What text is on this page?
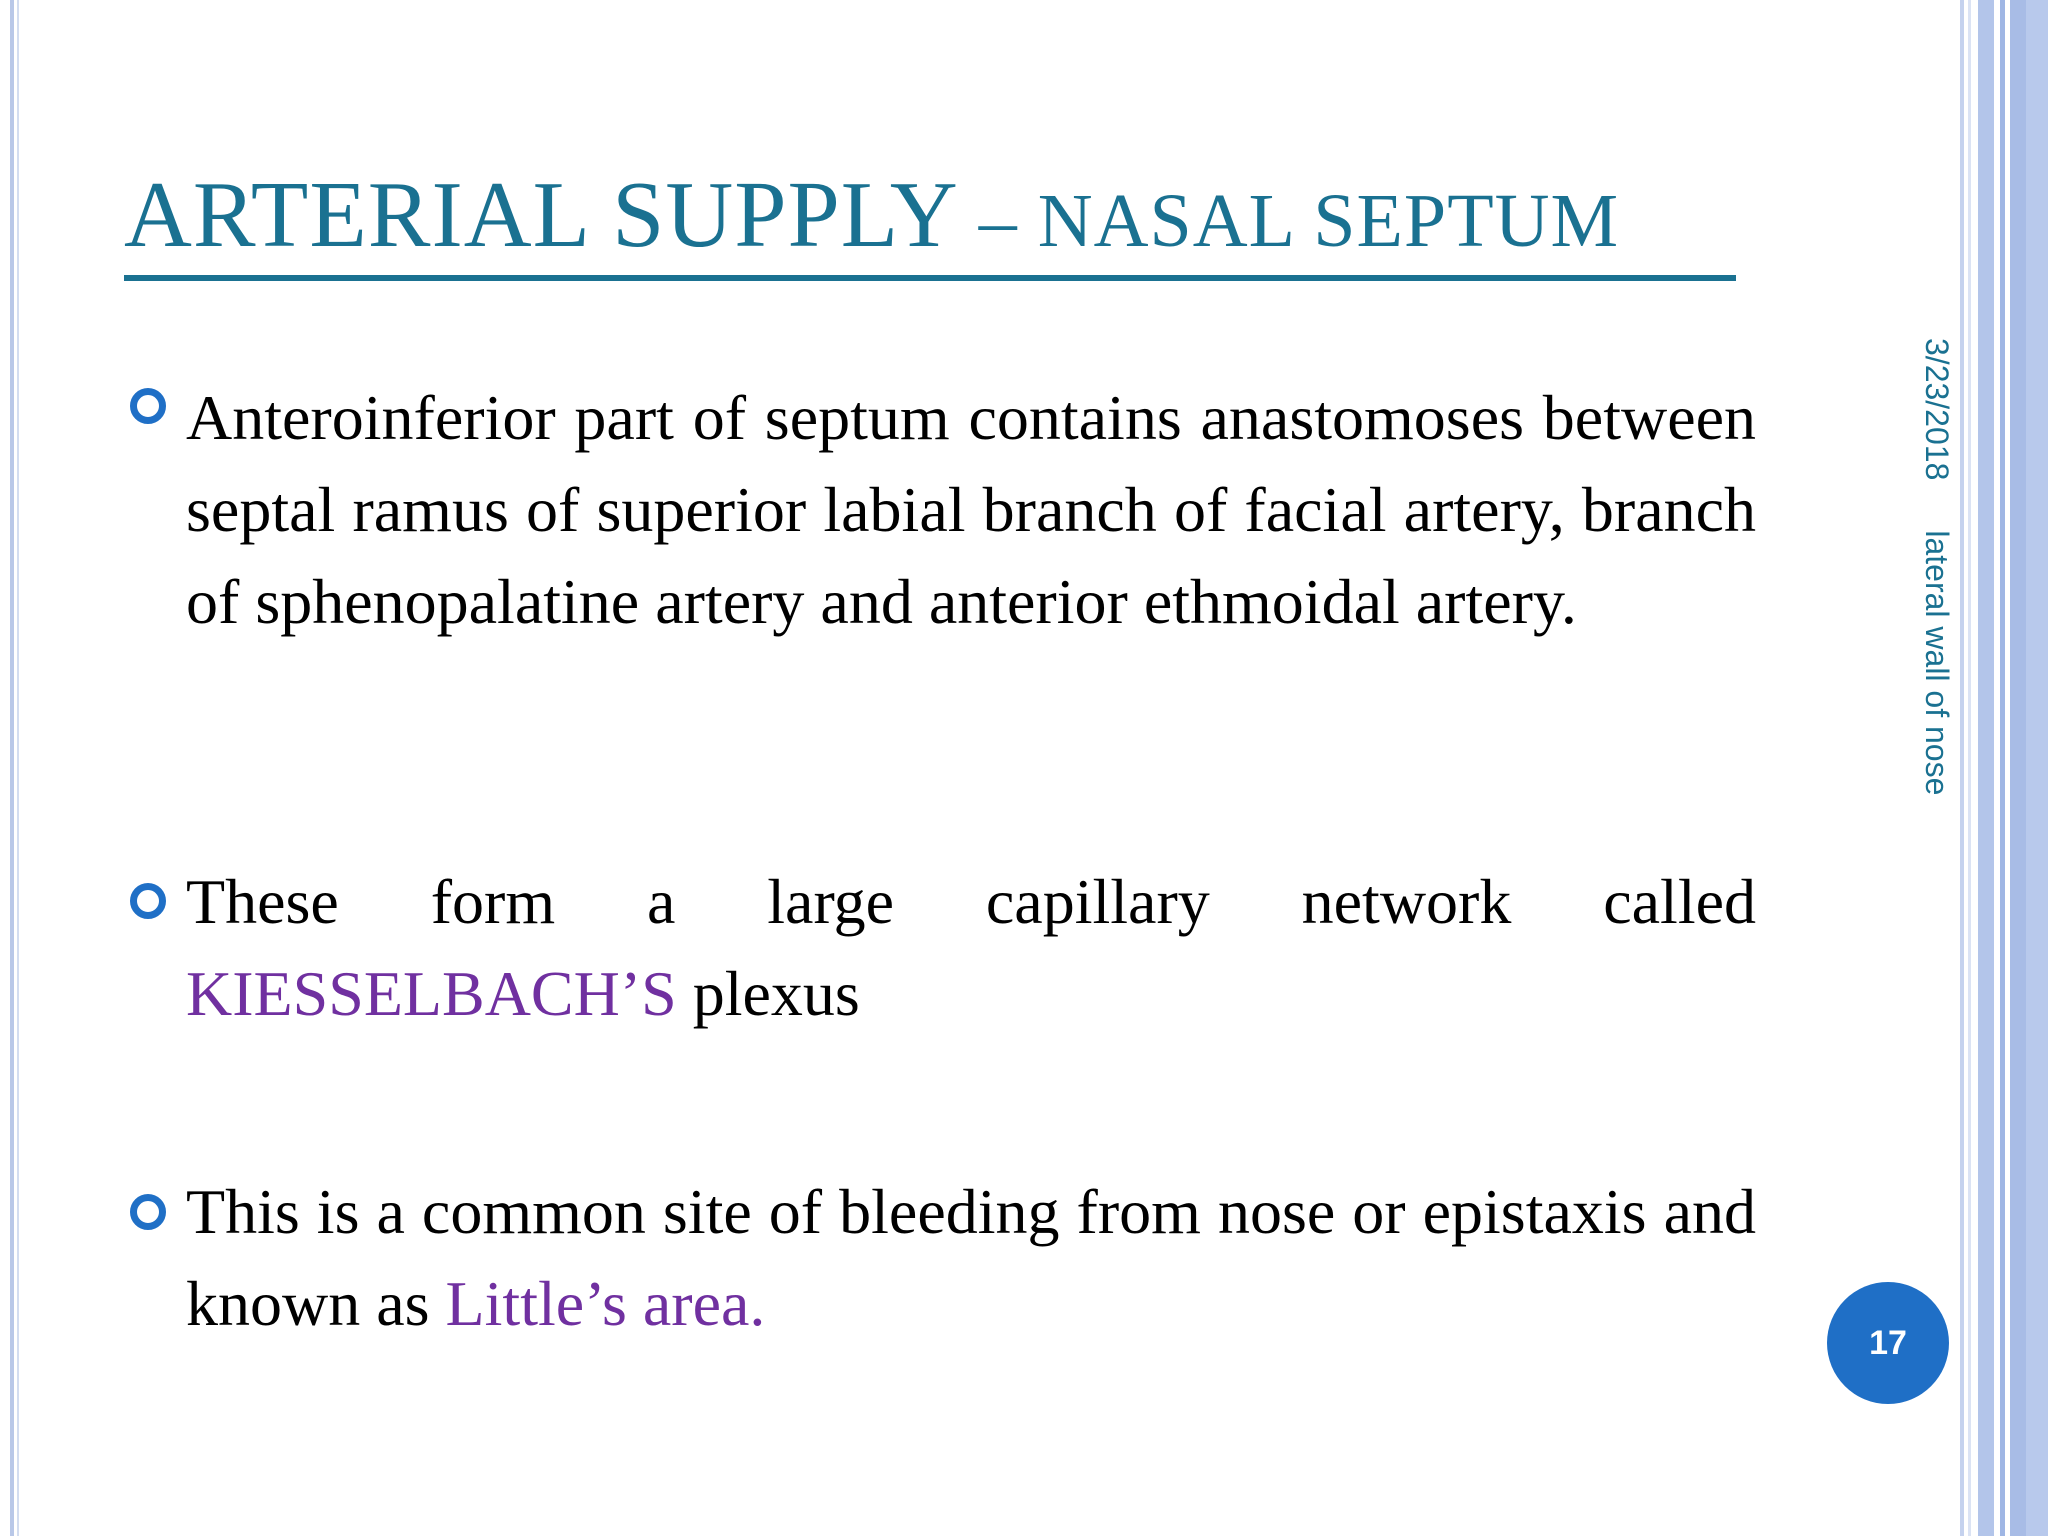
ARTERIAL SUPPLY – NASAL SEPTUM
Anteroinferior part of septum contains anastomoses between septal ramus of superior labial branch of facial artery, branch of sphenopalatine artery and anterior ethmoidal artery.
These form a large capillary network called KIESSELBACH’S plexus
This is a common site of bleeding from nose or epistaxis and known as Little’s area.
3/23/2018lateral wall of nose
17
